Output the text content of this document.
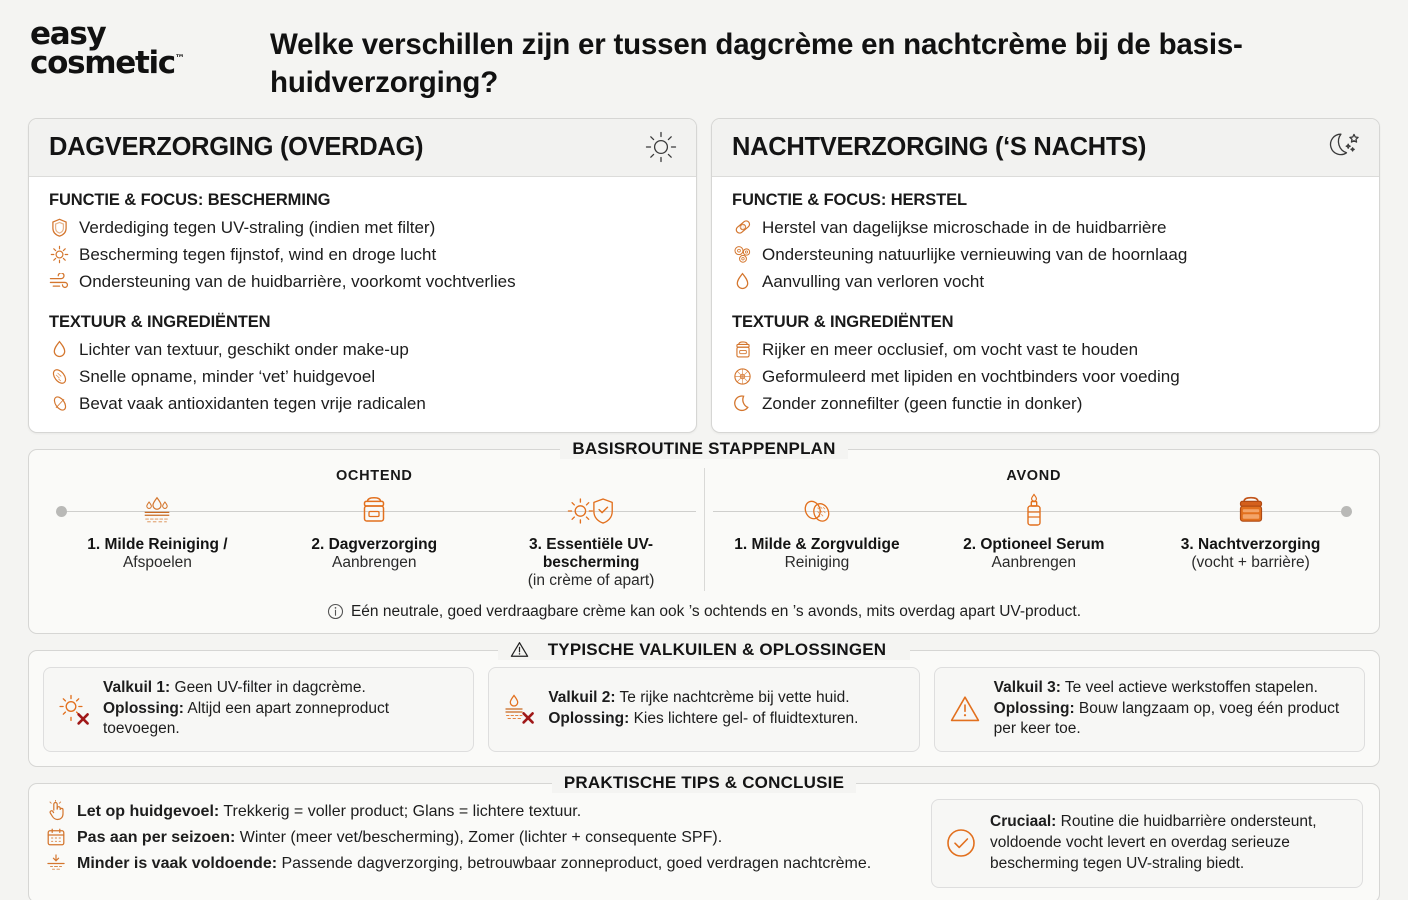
easy
cosmetic™	Welke verschillen zijn er tussen dagcrème en nachtcrème bij de basis-huidverzorging?
DAGVERZORGING (OVERDAG)
FUNCTIE & FOCUS: BESCHERMING
Verdediging tegen UV-straling (indien met filter)
Bescherming tegen fijnstof, wind en droge lucht
Ondersteuning van de huidbarrière, voorkomt vochtverlies
TEXTUUR & INGREDIËNTEN
Lichter van textuur, geschikt onder make-up
Snelle opname, minder ‘vet’ huidgevoel
Bevat vaak antioxidanten tegen vrije radicalen
NACHTVERZORGING (‘S NACHTS)
FUNCTIE & FOCUS: HERSTEL
Herstel van dagelijkse microschade in de huidbarrière
Ondersteuning natuurlijke vernieuwing van de hoornlaag
Aanvulling van verloren vocht
TEXTUUR & INGREDIËNTEN
Rijker en meer occlusief, om vocht vast te houden
Geformuleerd met lipiden en vochtbinders voor voeding
Zonder zonnefilter (geen functie in donker)
BASISROUTINE STAPPENPLAN
OCHTEND
1. Milde Reiniging /
Afspoelen
2. Dagverzorging
Aanbrengen
3. Essentiële UV-bescherming
(in crème of apart)
AVOND
1. Milde & Zorgvuldige
Reiniging
2. Optioneel Serum
Aanbrengen
3. Nachtverzorging
(vocht + barrière)
Eén neutrale, goed verdraagbare crème kan ook ’s ochtends en ’s avonds, mits overdag apart UV-product.
TYPISCHE VALKUILEN & OPLOSSINGEN
Valkuil 1: Geen UV-filter in dagcrème.
Oplossing: Altijd een apart zonneproduct toevoegen.
Valkuil 2: Te rijke nachtcrème bij vette huid.
Oplossing: Kies lichtere gel- of fluidtexturen.
Valkuil 3: Te veel actieve werkstoffen stapelen.
Oplossing: Bouw langzaam op, voeg één product per keer toe.
PRAKTISCHE TIPS & CONCLUSIE
Let op huidgevoel: Trekkerig = voller product; Glans = lichtere textuur.
Pas aan per seizoen: Winter (meer vet/bescherming), Zomer (lichter + consequente SPF).
Minder is vaak voldoende: Passende dagverzorging, betrouwbaar zonneproduct, goed verdragen nachtcrème.
Cruciaal: Routine die huidbarrière ondersteunt, voldoende vocht levert en overdag serieuze bescherming tegen UV-straling biedt.
